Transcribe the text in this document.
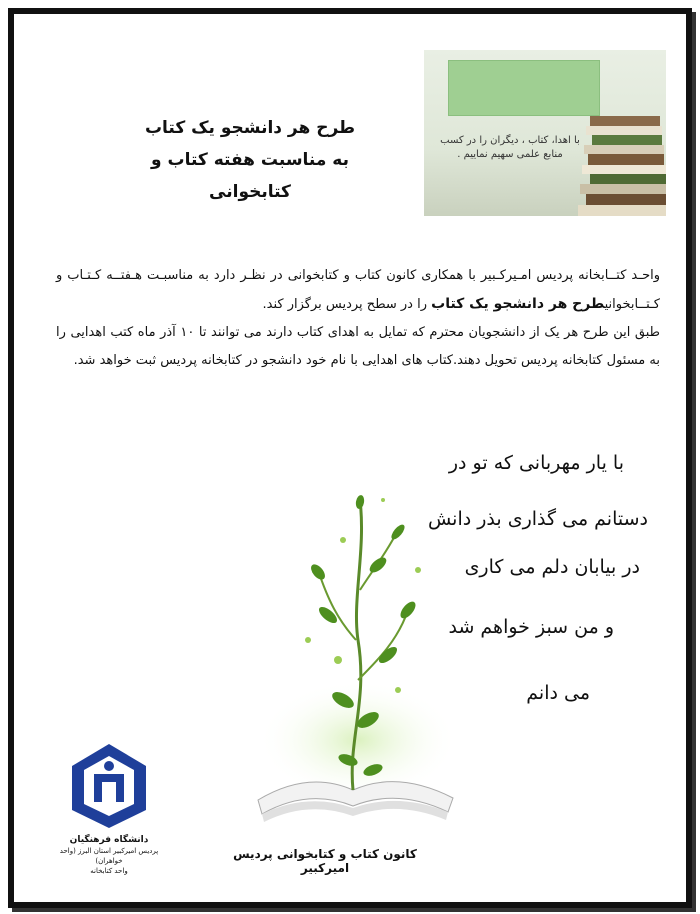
طرح هر دانشجو یک کتاب
به مناسبت هفته کتاب و کتابخوانی
با اهدا، کتاب ، دیگران را در کسب
منابع علمی سهیم نماییم .
واحـد کتــابخانه پردیس امـیرکـبیر با همکاری کانون کتاب و کتابخوانی در نظـر دارد به مناسبـت هـفتــه کـتـاب و کـتــابخوانیطرح هر دانشجو یک کتاب را در سطح پردیس برگزار کند.
طبق این طرح هر یک از دانشجویان محترم که تمایل به اهدای کتاب دارند می توانند تا ۱۰ آذر ماه کتب اهدایی را به مسئول کتابخانه پردیس تحویل دهند.کتاب های اهدایی با نام خود دانشجو در کتابخانه پردیس ثبت خواهد شد.
با یار مهربانی که تو در
دستانم می گذاری بذر دانش
در بیابان دلم می کاری
و من سبز خواهم شد
می دانم
دانشگاه فرهنگیان
پردیس امیرکبیر استان البرز (واحد خواهران)
واحد کتابخانه
کانون کتاب و کتابخوانی پردیس امیرکبیر
